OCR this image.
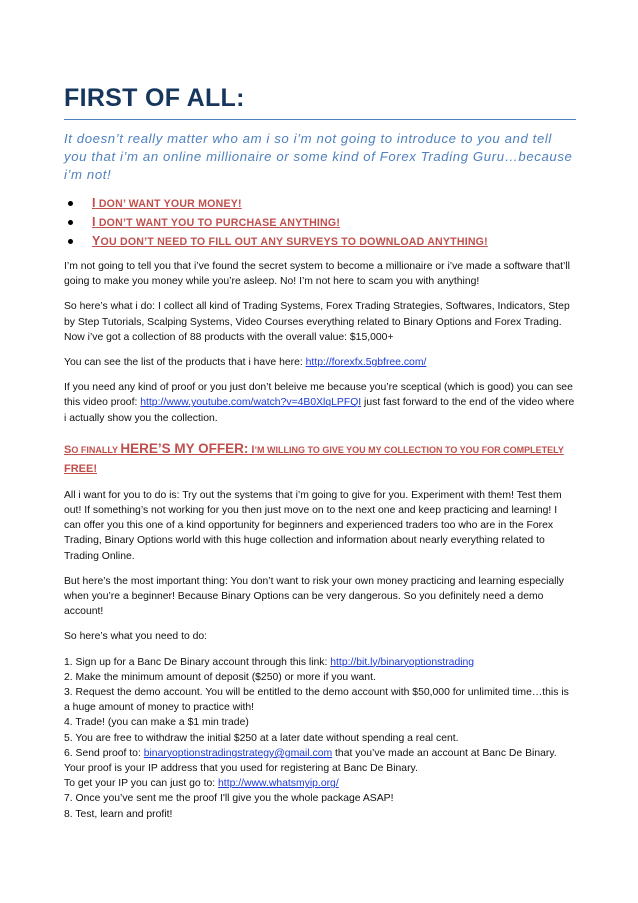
FIRST OF ALL:

It doesn’t really matter who am i so i’m not going to introduce to you and tell you that i’m an online millionaire or some kind of Forex Trading Guru…because i’m not!

I DON’ WANT YOUR MONEY!
I DON’T WANT YOU TO PURCHASE ANYTHING!
YOU DON’T NEED TO FILL OUT ANY SURVEYS TO DOWNLOAD ANYTHING!

I’m not going to tell you that i’ve found the secret system to become a millionaire or i’ve made a software that’ll going to make you money while you’re asleep. No! I’m not here to scam you with anything!

So here’s what i do: I collect all kind of Trading Systems, Forex Trading Strategies, Softwares, Indicators, Step by Step Tutorials, Scalping Systems, Video Courses everything related to Binary Options and Forex Trading. Now i’ve got a collection of 88 products with the overall value: $15,000+

You can see the list of the products that i have here: http://forexfx.5gbfree.com/

If you need any kind of proof or you just don’t beleive me because you’re sceptical (which is good) you can see this video proof: http://www.youtube.com/watch?v=4B0XlqLPFQI just fast forward to the end of the video where i actually show you the collection.

SO FINALLY HERE’S MY OFFER: I’M WILLING TO GIVE YOU MY COLLECTION TO YOU FOR COMPLETELY FREE!

All i want for you to do is: Try out the systems that i’m going to give for you. Experiment with them! Test them out! If something’s not working for you then just move on to the next one and keep practicing and learning! I can offer you this one of a kind opportunity for beginners and experienced traders too who are in the Forex Trading, Binary Options world with this huge collection and information about nearly everything related to Trading Online.

But here’s the most important thing: You don’t want to risk your own money practicing and learning especially when you’re a beginner! Because Binary Options can be very dangerous. So you definitely need a demo account!

So here’s what you need to do:

1. Sign up for a Banc De Binary account through this link: http://bit.ly/binaryoptionstrading
2. Make the minimum amount of deposit ($250) or more if you want.
3. Request the demo account. You will be entitled to the demo account with $50,000 for unlimited time…this is a huge amount of money to practice with!
4. Trade! (you can make a $1 min trade)
5. You are free to withdraw the initial $250 at a later date without spending a real cent.
6. Send proof to: binaryoptionstradingstrategy@gmail.com that you’ve made an account at Banc De Binary. Your proof is your IP address that you used for registering at Banc De Binary.
To get your IP you can just go to: http://www.whatsmyip.org/
7. Once you’ve sent me the proof I'll give you the whole package ASAP!
8. Test, learn and profit!
